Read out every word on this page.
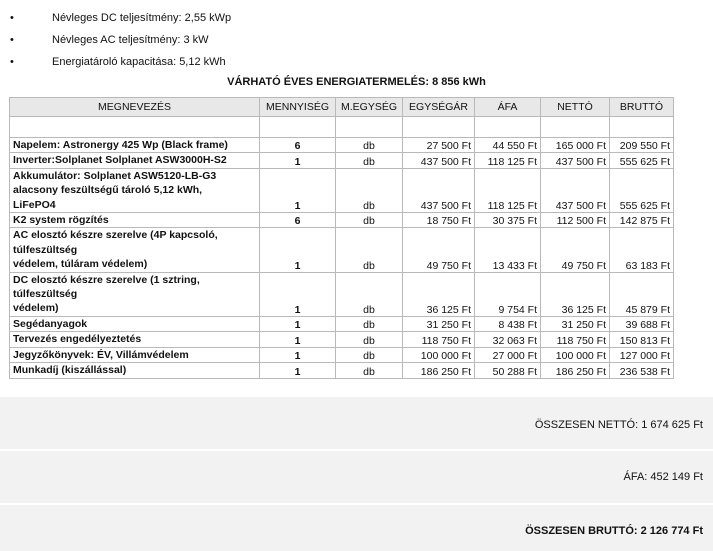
•	Névleges DC teljesítmény: 2,55 kWp
•	Névleges AC teljesítmény: 3 kW
•	Energiatároló kapacitása: 5,12 kWh
VÁRHATÓ ÉVES ENERGIATERMELÉS: 8 856 kWh
MEGNEVEZÉS	MENNYISÉG	M.EGYSÉG	EGYSÉGÁR	ÁFA	NETTÓ	BRUTTÓ

Napelem: Astronergy 425 Wp (Black frame)	6	db	27 500 Ft	44 550 Ft	165 000 Ft	209 550 Ft
Inverter:Solplanet Solplanet ASW3000H-S2	1	db	437 500 Ft	118 125 Ft	437 500 Ft	555 625 Ft
Akkumulátor: Solplanet ASW5120-LB-G3
alacsony feszültségű tároló 5,12 kWh,
LiFePO4	1	db	437 500 Ft	118 125 Ft	437 500 Ft	555 625 Ft
K2 system rögzítés	6	db	18 750 Ft	30 375 Ft	112 500 Ft	142 875 Ft
AC elosztó készre szerelve (4P kapcsoló,
túlfeszültség
védelem, túláram védelem)	1	db	49 750 Ft	13 433 Ft	49 750 Ft	63 183 Ft
DC elosztó készre szerelve (1 sztring,
túlfeszültség
védelem)	1	db	36 125 Ft	9 754 Ft	36 125 Ft	45 879 Ft
Segédanyagok	1	db	31 250 Ft	8 438 Ft	31 250 Ft	39 688 Ft
Tervezés engedélyeztetés	1	db	118 750 Ft	32 063 Ft	118 750 Ft	150 813 Ft
Jegyzőkönyvek: ÉV, Villámvédelem	1	db	100 000 Ft	27 000 Ft	100 000 Ft	127 000 Ft
Munkadíj (kiszállással)	1	db	186 250 Ft	50 288 Ft	186 250 Ft	236 538 Ft
ÖSSZESEN NETTÓ: 1 674 625 Ft
ÁFA: 452 149 Ft
ÖSSZESEN BRUTTÓ: 2 126 774 Ft
